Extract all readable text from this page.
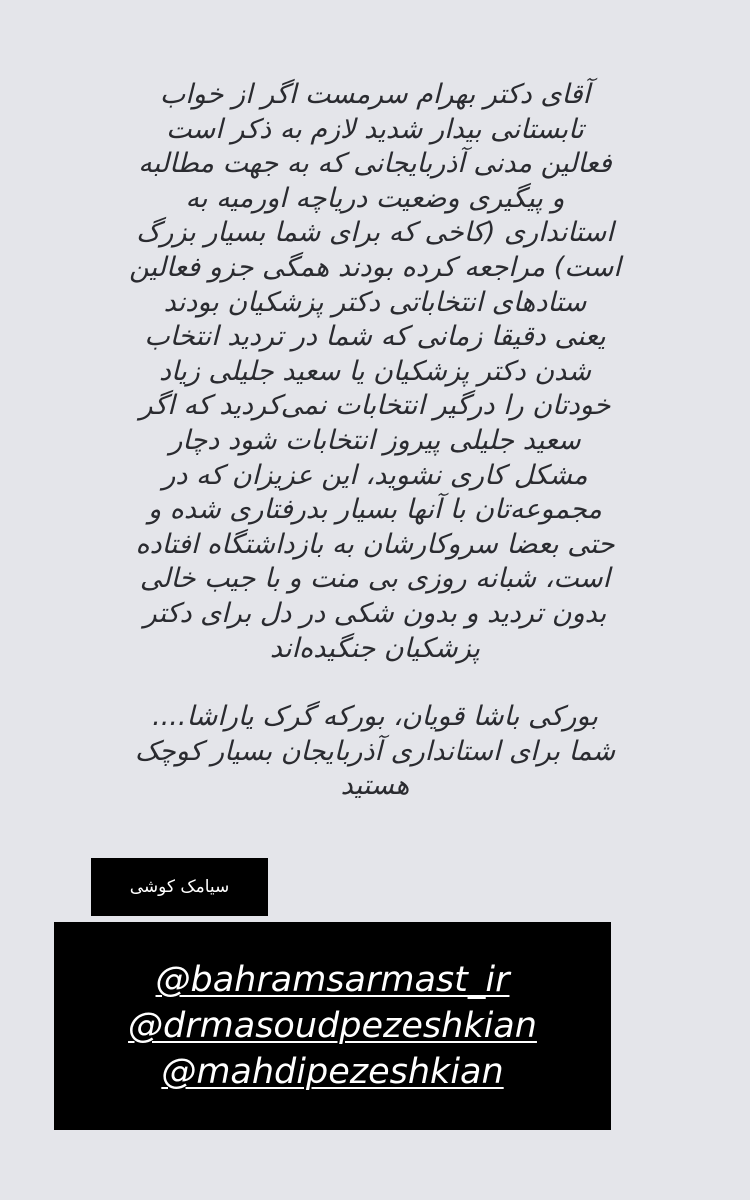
آقای دکتر بهرام سرمست اگر از خواب
تابستانی بیدار شدید لازم به ذکر است
فعالین مدنی آذربایجانی که به جهت مطالبه
و پیگیری وضعیت دریاچه اورمیه به
استانداری (کاخی که برای شما بسیار بزرگ
است) مراجعه کرده بودند همگی جزو فعالین
ستادهای انتخاباتی دکتر پزشکیان بودند
یعنی دقیقا زمانی که شما در تردید انتخاب
شدن دکتر پزشکیان یا سعید جلیلی زیاد
خودتان را درگیر انتخابات نمی‌کردید که اگر
سعید جلیلی پیروز انتخابات شود دچار
مشکل کاری نشوید، این عزیزان که در
مجموعه‌تان با آنها بسیار بدرفتاری شده و
حتی بعضا سروکارشان به بازداشتگاه افتاده
است، شبانه روزی بی منت و با جیب خالی
بدون تردید و بدون شکی در دل برای دکتر
پزشکیان جنگیده‌اند
بورکی باشا قویان، بورکه گرک یاراشا....
شما برای استانداری آذربایجان بسیار کوچک
هستید
سیامک کوشی
@bahramsarmast_ir
@drmasoudpezeshkian
@mahdipezeshkian
